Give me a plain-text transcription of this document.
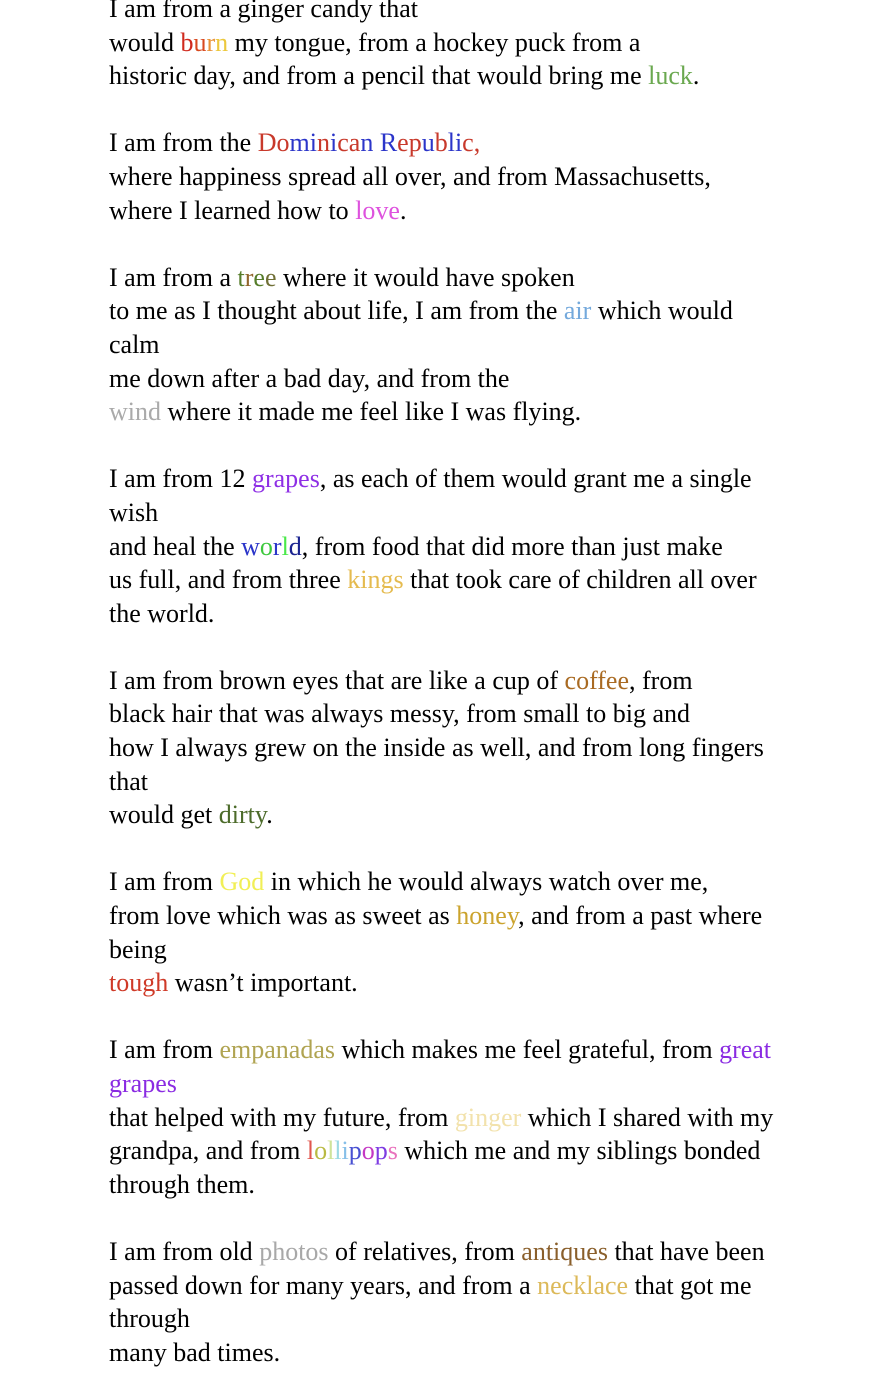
I am from a ginger candy that

would burn my tongue, from a hockey puck from a

historic day, and from a pencil that would bring me luck.

I am from the Dominican Republic,

where happiness spread all over, and from Massachusetts,

where I learned how to love.

I am from a tree where it would have spoken

to me as I thought about life, I am from the air which would

calm

me down after a bad day, and from the

wind where it made me feel like I was flying.

I am from 12 grapes, as each of them would grant me a single

wish

and heal the world, from food that did more than just make

us full, and from three kings that took care of children all over

the world.

I am from brown eyes that are like a cup of coffee, from

black hair that was always messy, from small to big and

how I always grew on the inside as well, and from long fingers

that

would get dirty.

I am from God in which he would always watch over me,

from love which was as sweet as honey, and from a past where

being

tough wasn’t important.

I am from empanadas which makes me feel grateful, from great

grapes

that helped with my future, from ginger which I shared with my

grandpa, and from lollipops which me and my siblings bonded

through them.

I am from old photos of relatives, from antiques that have been

passed down for many years, and from a necklace that got me

through

many bad times.
